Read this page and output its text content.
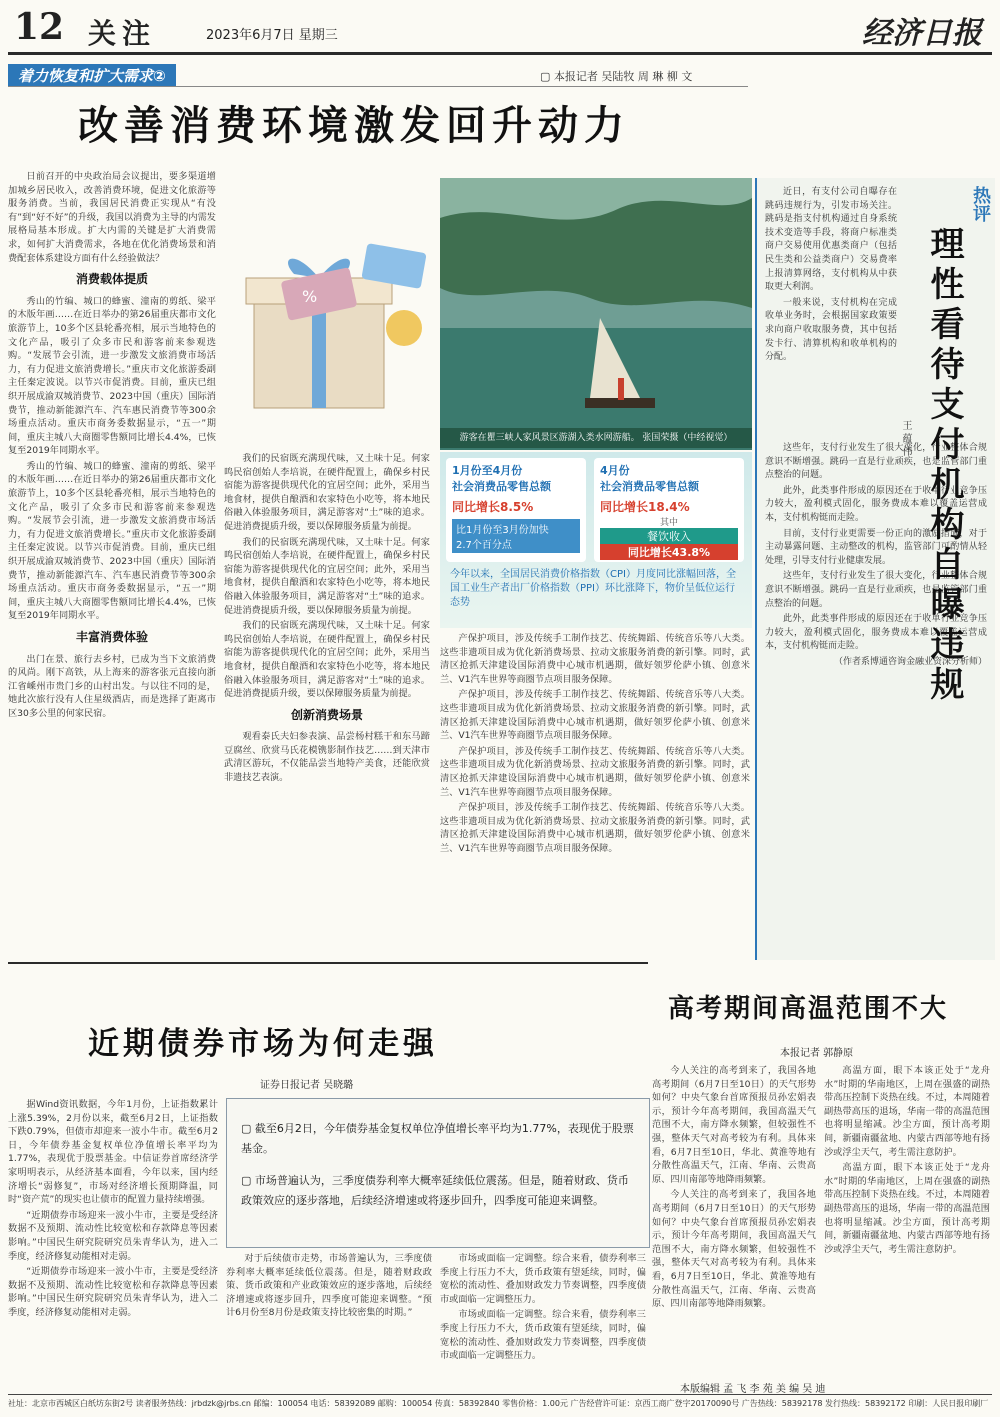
12 关注	2023年6月7日 星期三	经济日报
着力恢复和扩大需求②	▢ 本报记者 吴陆牧 周 琳 柳 文
改善消费环境激发回升动力

日前召开的中央政治局会议提出，要多渠道增加城乡居民收入，改善消费环境，促进文化旅游等服务消费。当前，我国居民消费正实现从“有没有”到“好不好”的升级，我国以消费为主导的内需发展格局基本形成。扩大内需的关键是扩大消费需求，如何扩大消费需求，各地在优化消费场景和消费配套体系建设方面有什么经验做法？

消费载体提质

秀山的竹编、城口的蜂蜜、潼南的剪纸、梁平的木版年画……在近日举办的第26届重庆都市文化旅游节上，10多个区县轮番亮相，展示当地特色的文化产品，吸引了众多市民和游客前来参观选购。“发展节会引流，进一步激发文旅消费市场活力，有力促进文旅消费增长。”重庆市文化旅游委副主任秦定波说。以节兴市促消费。目前，重庆已组织开展成渝双城消费节、2023中国（重庆）国际消费节，推动新能源汽车、汽车惠民消费节等300余场重点活动。重庆市商务委数据显示，“五一”期间，重庆主城八大商圈零售额同比增长4.4%，已恢复至2019年同期水平。

秀山的竹编、城口的蜂蜜、潼南的剪纸、梁平的木版年画……在近日举办的第26届重庆都市文化旅游节上，10多个区县轮番亮相，展示当地特色的文化产品，吸引了众多市民和游客前来参观选购。“发展节会引流，进一步激发文旅消费市场活力，有力促进文旅消费增长。”重庆市文化旅游委副主任秦定波说。以节兴市促消费。目前，重庆已组织开展成渝双城消费节、2023中国（重庆）国际消费节，推动新能源汽车、汽车惠民消费节等300余场重点活动。重庆市商务委数据显示，“五一”期间，重庆主城八大商圈零售额同比增长4.4%，已恢复至2019年同期水平。

丰富消费体验

出门在景、旅行去乡村，已成为当下文旅消费的风尚。刚下高铁，从上海来的游客张元直接向浙江省嵊州市贵门乡的山村出发。与以往不同的是，她此次旅行没有人住星级酒店，而是选择了距离市区30多公里的何家民宿。

%
游客在瞿三峡人家风景区游湖入类水网游船。 张国荣摄（中经视觉）
1月份至4月份
社会消费品零售总额
同比增长8.5%
比1月份至3月份加快
2.7个百分点
4月份
社会消费品零售总额
同比增长18.4%
其中
餐饮收入
同比增长43.8%
今年以来，全国居民消费价格指数（CPI）月度同比涨幅回落，全国工业生产者出厂价格指数（PPI）环比涨降下，物价呈低位运行态势

我们的民宿既充满现代味，又土味十足。何家鸣民宿创始人李培说，在硬件配置上，确保乡村民宿能为游客提供现代化的宜居空间；此外，采用当地食材，提供自酿酒和农家特色小吃等，将本地民俗融入体验服务项目，满足游客对“土”味的追求。促进消费提质升级，要以保障服务质量为前提。

我们的民宿既充满现代味，又土味十足。何家鸣民宿创始人李培说，在硬件配置上，确保乡村民宿能为游客提供现代化的宜居空间；此外，采用当地食材，提供自酿酒和农家特色小吃等，将本地民俗融入体验服务项目，满足游客对“土”味的追求。促进消费提质升级，要以保障服务质量为前提。

我们的民宿既充满现代味，又土味十足。何家鸣民宿创始人李培说，在硬件配置上，确保乡村民宿能为游客提供现代化的宜居空间；此外，采用当地食材，提供自酿酒和农家特色小吃等，将本地民俗融入体验服务项目，满足游客对“土”味的追求。促进消费提质升级，要以保障服务质量为前提。

创新消费场景

观看泰氏夫妇参表演、品尝杨村糕干和东马蹄豆腐丝、欣赏马氏花模镌影制作技艺……到天津市武清区游玩，不仅能品尝当地特产美食，还能欣赏非遗技艺表演。

产保护项目，涉及传统手工制作技艺、传统舞蹈、传统音乐等八大类。这些非遗项目成为优化新消费场景、拉动文旅服务消费的新引擎。同时，武清区抢抓天津建设国际消费中心城市机遇期，做好领罗伦萨小镇、创意米兰、V1汽车世界等商圈节点项目服务保障。

产保护项目，涉及传统手工制作技艺、传统舞蹈、传统音乐等八大类。这些非遗项目成为优化新消费场景、拉动文旅服务消费的新引擎。同时，武清区抢抓天津建设国际消费中心城市机遇期，做好领罗伦萨小镇、创意米兰、V1汽车世界等商圈节点项目服务保障。

产保护项目，涉及传统手工制作技艺、传统舞蹈、传统音乐等八大类。这些非遗项目成为优化新消费场景、拉动文旅服务消费的新引擎。同时，武清区抢抓天津建设国际消费中心城市机遇期，做好领罗伦萨小镇、创意米兰、V1汽车世界等商圈节点项目服务保障。

产保护项目，涉及传统手工制作技艺、传统舞蹈、传统音乐等八大类。这些非遗项目成为优化新消费场景、拉动文旅服务消费的新引擎。同时，武清区抢抓天津建设国际消费中心城市机遇期，做好领罗伦萨小镇、创意米兰、V1汽车世界等商圈节点项目服务保障。

近日，有支付公司自曝存在跳码违规行为，引发市场关注。跳码是指支付机构通过自身系统技术变造等手段，将商户标准类商户交易使用优惠类商户（包括民生类和公益类商户）交易费率上报清算网络，支付机构从中获取更大利润。

一般来说，支付机构在完成收单业务时，会根据国家政策要求向商户收取服务费，其中包括发卡行、清算机构和收单机构的分配。

这些年，支付行业发生了很大变化，行业整体合规意识不断增强。跳码一直是行业顽疾，也是监管部门重点整治的问题。

此外，此类事件形成的原因还在于收单行业竞争压力较大，盈利模式固化，服务费成本难以覆盖运营成本，支付机构铤而走险。

目前，支付行业更需要一份正向的激励措施，对于主动暴露问题、主动整改的机构，监管部门可酌情从轻处理，引导支付行业健康发展。

这些年，支付行业发生了很大变化，行业整体合规意识不断增强。跳码一直是行业顽疾，也是监管部门重点整治的问题。

此外，此类事件形成的原因还在于收单行业竞争压力较大，盈利模式固化，服务费成本难以覆盖运营成本，支付机构铤而走险。

（作者系博通咨询金融业资深分析师）

热评
理性看待支付机构自曝违规
王 蕴 伟
近期债券市场为何走强
证券日报记者 吴晓璐

据Wind资讯数据，今年1月份，上证指数累计上涨5.39%，2月份以来，截至6月2日，上证指数下跌0.79%，但债市却迎来一波小牛市。截至6月2日，今年债券基金复权单位净值增长率平均为1.77%，表现优于股票基金。中信证券首席经济学家明明表示，从经济基本面看，今年以来，国内经济增长“弱修复”，市场对经济增长预期降温，同时“资产荒”的现实也让债市的配置力量持续增强。

“近期债券市场迎来一波小牛市，主要是受经济数据不及预期、流动性比较宽松和存款降息等因素影响。”中国民生研究院研究员朱青华认为，进入二季度，经济修复动能相对走弱。

“近期债券市场迎来一波小牛市，主要是受经济数据不及预期、流动性比较宽松和存款降息等因素影响。”中国民生研究院研究员朱青华认为，进入二季度，经济修复动能相对走弱。

▢ 截至6月2日，今年债券基金复权单位净值增长率平均为1.77%，表现优于股票基金。
▢ 市场普遍认为，三季度债券利率大概率延续低位震荡。但是，随着财政、货币政策效应的逐步落地，后续经济增速或将逐步回升，四季度可能迎来调整。

对于后续债市走势，市场普遍认为，三季度债券利率大概率延续低位震荡。但是，随着财政政策、货币政策和产业政策效应的逐步落地，后续经济增速或将逐步回升，四季度可能迎来调整。“预计6月份至8月份是政策支持比较密集的时期。”

市场或面临一定调整。综合来看，债券利率三季度上行压力不大，货币政策有望延续，同时，偏宽松的流动性、叠加财政发力节奏调整，四季度债市或面临一定调整压力。

市场或面临一定调整。综合来看，债券利率三季度上行压力不大，货币政策有望延续，同时，偏宽松的流动性、叠加财政发力节奏调整，四季度债市或面临一定调整压力。

高考期间高温范围不大
本报记者 郭静原

今人关注的高考到来了，我国各地高考期间（6月7日至10日）的天气形势如何？中央气象台首席预报员孙宏娟表示，预计今年高考期间，我国高温天气范围不大，南方降水频繁，但较强性不强，整体天气对高考较为有利。具体来看，6月7日至10日，华北、黄淮等地有分散性高温天气，江南、华南、云贵高原、四川南部等地降雨频繁。

今人关注的高考到来了，我国各地高考期间（6月7日至10日）的天气形势如何？中央气象台首席预报员孙宏娟表示，预计今年高考期间，我国高温天气范围不大，南方降水频繁，但较强性不强，整体天气对高考较为有利。具体来看，6月7日至10日，华北、黄淮等地有分散性高温天气，江南、华南、云贵高原、四川南部等地降雨频繁。

高温方面，眼下本该正处于“龙舟水”时期的华南地区，上周在强盛的副热带高压控制下炎热在线。不过，本周随着副热带高压的退场，华南一带的高温范围也将明显缩减。沙尘方面，预计高考期间，新疆南疆盆地、内蒙古西部等地有扬沙或浮尘天气，考生需注意防护。

高温方面，眼下本该正处于“龙舟水”时期的华南地区，上周在强盛的副热带高压控制下炎热在线。不过，本周随着副热带高压的退场，华南一带的高温范围也将明显缩减。沙尘方面，预计高考期间，新疆南疆盆地、内蒙古西部等地有扬沙或浮尘天气，考生需注意防护。

本版编辑 孟 飞 李 苑 美 编 吴 迪
社址：北京市西城区白纸坊东街2号 读者服务热线：jrbdzk@jrbs.cn 邮编：100054 电话：58392089 邮购：100054 传真：58392840 零售价格：1.00元 广告经营许可证：京西工商广登字20170090号 广告热线：58392178 发行热线：58392172 印刷：人民日报印刷厂
